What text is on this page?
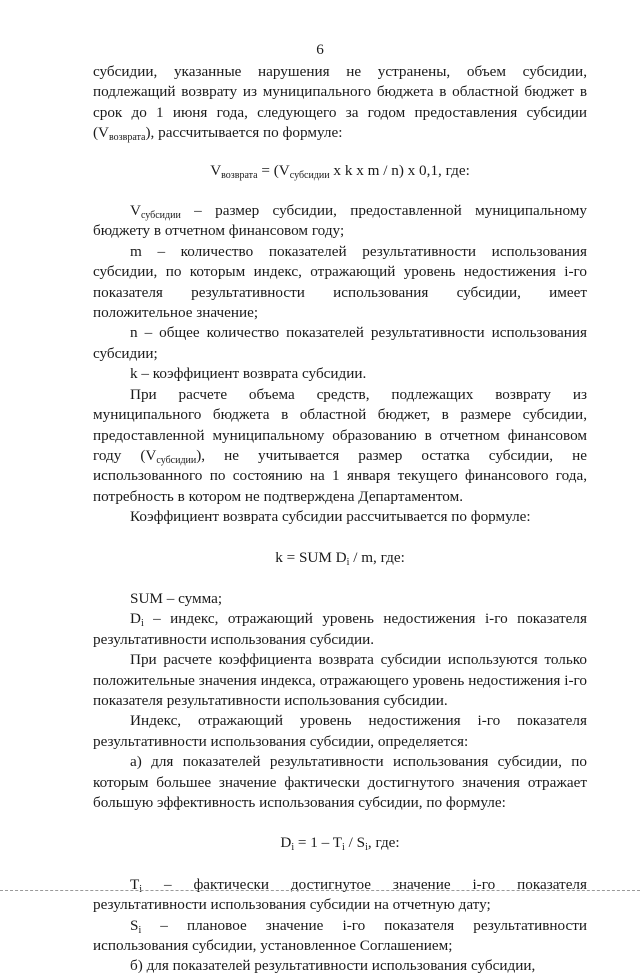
6

субсидии, указанные нарушения не устранены, объем субсидии, подлежащий возврату из муниципального бюджета в областной бюджет в срок до 1 июня года, следующего за годом предоставления субсидии $(V_{возврата})$, рассчитывается по формуле:

$V_{возврата} = (V_{субсидии}$ x k x m / n) x 0,1, где:

$V_{субсидии}$ – размер субсидии, предоставленной муниципальному бюджету в отчетном финансовом году;

m – количество показателей результативности использования субсидии, по которым индекс, отражающий уровень недостижения i-го показателя результативности использования субсидии, имеет положительное значение;

n – общее количество показателей результативности использования субсидии;

k – коэффициент возврата субсидии.

При расчете объема средств, подлежащих возврату из муниципального бюджета в областной бюджет, в размере субсидии, предоставленной муниципальному образованию в отчетном финансовом году $(V_{субсидии})$, не учитывается размер остатка субсидии, не использованного по состоянию на 1 января текущего финансового года, потребность в котором не подтверждена Департаментом.

Коэффициент возврата субсидии рассчитывается по формуле:

k = SUM $D_i$ / m, где:

SUM – сумма;

$D_i$ – индекс, отражающий уровень недостижения i-го показателя результативности использования субсидии.

При расчете коэффициента возврата субсидии используются только положительные значения индекса, отражающего уровень недостижения i-го показателя результативности использования субсидии.

Индекс, отражающий уровень недостижения i-го показателя результативности использования субсидии, определяется:

а) для показателей результативности использования субсидии, по которым большее значение фактически достигнутого значения отражает большую эффективность использования субсидии, по формуле:

$D_i = 1 - T_i / S_i$, где:

$T_i$ – фактически достигнутое значение i-го показателя результативности использования субсидии на отчетную дату;

$S_i$ – плановое значение i-го показателя результативности использования субсидии, установленное Соглашением;

б) для показателей результативности использования субсидии,
